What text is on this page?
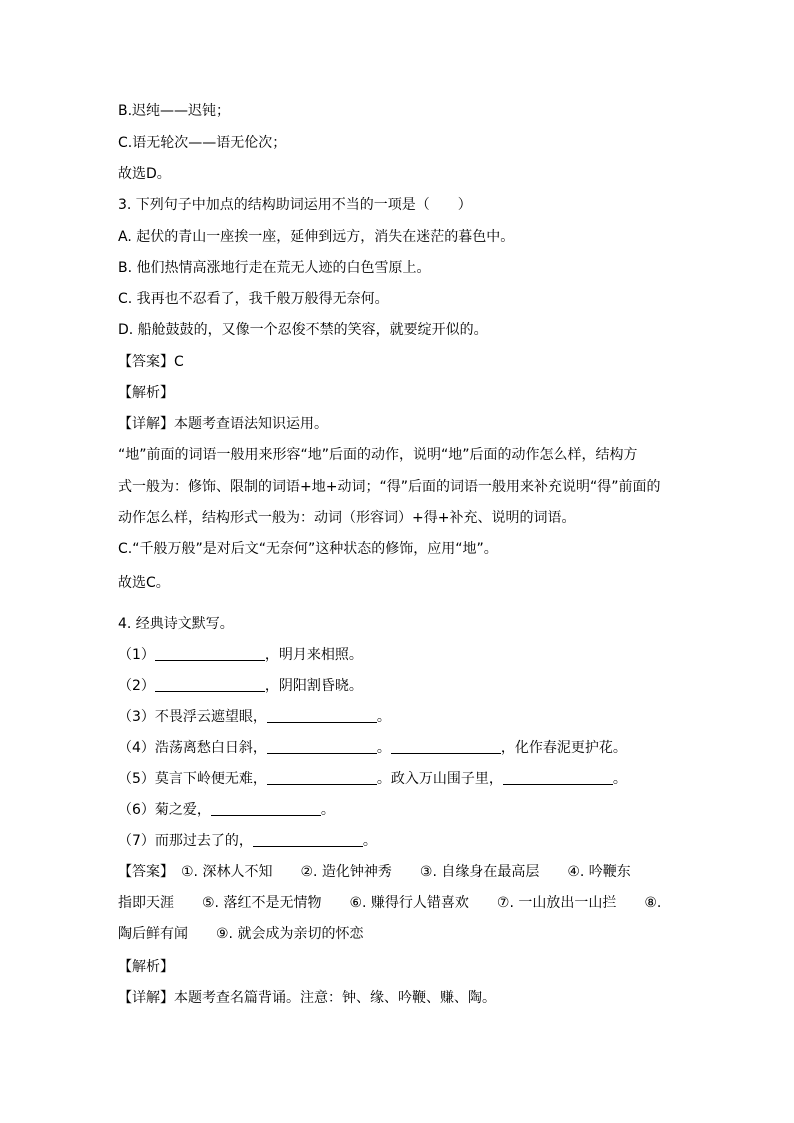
B.迟纯——迟钝；
C.语无轮次——语无伦次；
故选D。
3. 下列句子中加点的结构助词运用不当的一项是（　　）
A. 起伏的青山一座挨一座，延伸到远方，消失在迷茫的暮色中。
B. 他们热情高涨地行走在荒无人迹的白色雪原上。
C. 我再也不忍看了，我千般万般得无奈何。
D. 船舱鼓鼓的，又像一个忍俊不禁的笑容，就要绽开似的。
【答案】C
【解析】
【详解】本题考查语法知识运用。
“地”前面的词语一般用来形容“地”后面的动作，说明“地”后面的动作怎么样，结构方
式一般为：修饰、限制的词语+地+动词；“得”后面的词语一般用来补充说明“得”前面的
动作怎么样，结构形式一般为：动词（形容词）+得+补充、说明的词语。
C.“千般万般”是对后文“无奈何”这种状态的修饰，应用“地”。
故选C。
4. 经典诗文默写。
（1）	，明月来相照。
（2）	，阴阳割昏晓。
（3）不畏浮云遮望眼，	。
（4）浩荡离愁白日斜，	。	，化作春泥更护花。
（5）莫言下岭便无难，	。政入万山围子里，	。
（6）菊之爱，	。
（7）而那过去了的，	。
【答案】　①. 深林人不知　　②. 造化钟神秀　　③. 自缘身在最高层　　④. 吟鞭东
指即天涯　　⑤. 落红不是无情物　　⑥. 赚得行人错喜欢　　⑦. 一山放出一山拦　　⑧.
陶后鲜有闻　　⑨. 就会成为亲切的怀恋
【解析】
【详解】本题考查名篇背诵。注意：钟、缘、吟鞭、赚、陶。
